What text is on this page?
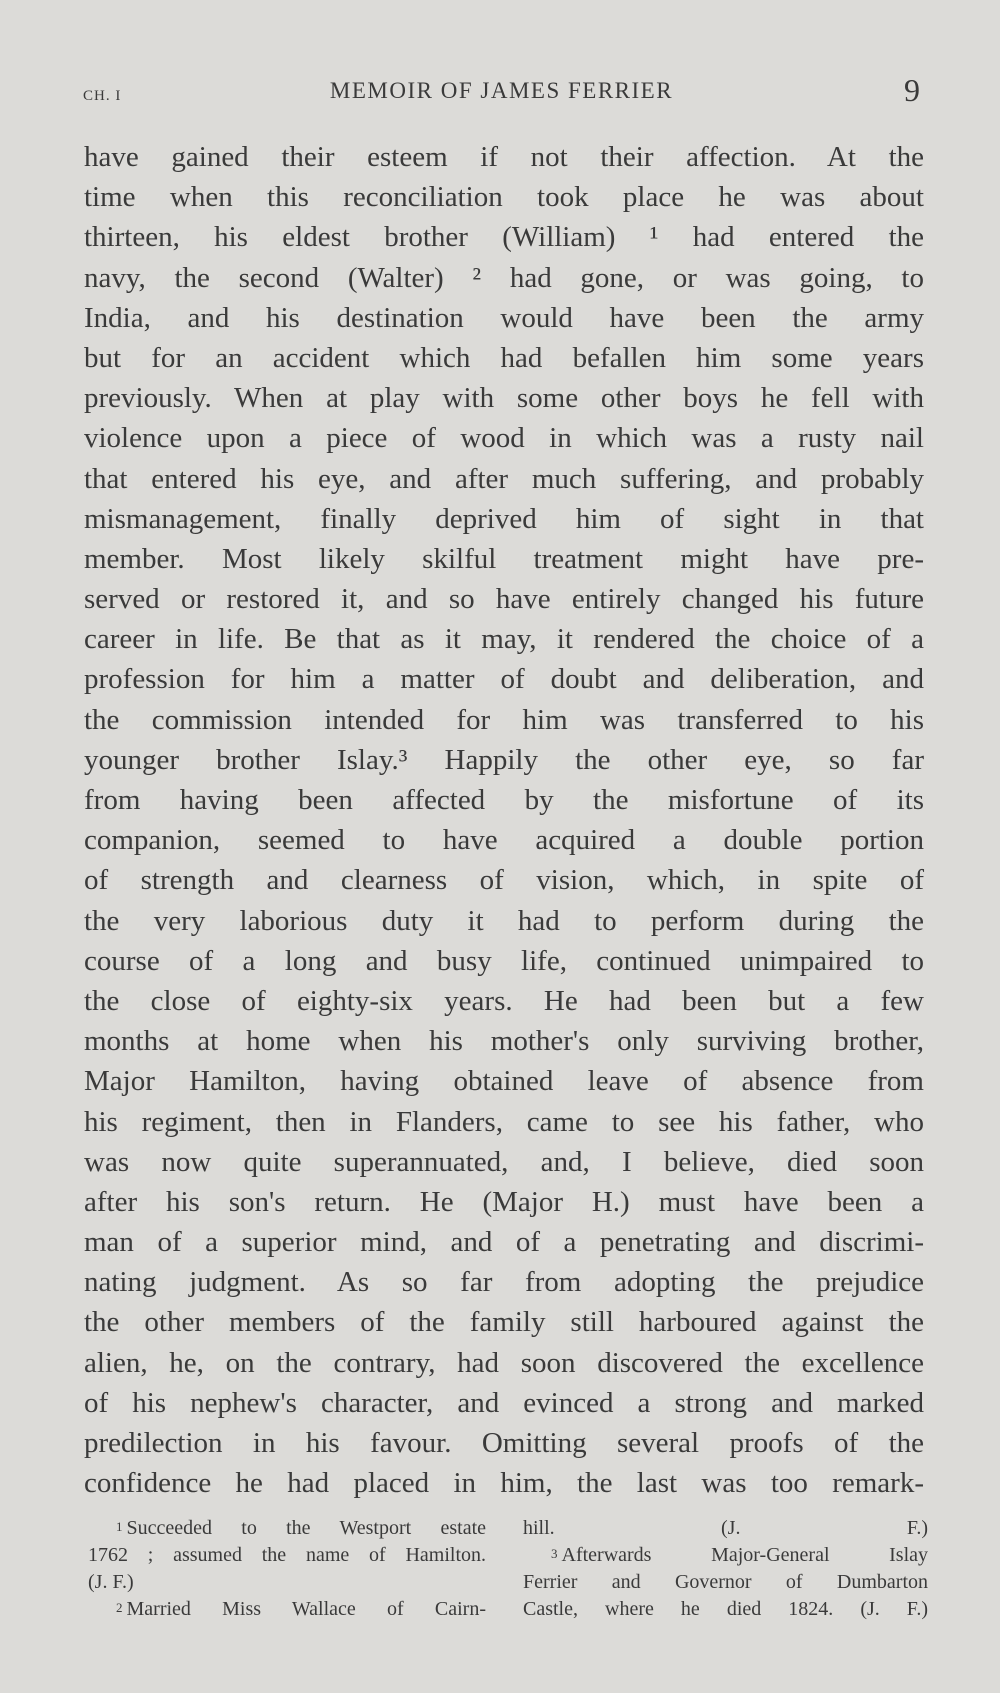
CH. I	MEMOIR OF JAMES FERRIER	9
have gained their esteem if not their affection. At the
time when this reconciliation took place he was about
thirteen, his eldest brother (William) ¹ had entered the
navy, the second (Walter) ² had gone, or was going, to
India, and his destination would have been the army
but for an accident which had befallen him some years
previously. When at play with some other boys he fell with
violence upon a piece of wood in which was a rusty nail
that entered his eye, and after much suffering, and probably
mismanagement, finally deprived him of sight in that
member. Most likely skilful treatment might have pre-
served or restored it, and so have entirely changed his future
career in life. Be that as it may, it rendered the choice of a
profession for him a matter of doubt and deliberation, and
the commission intended for him was transferred to his
younger brother Islay.³ Happily the other eye, so far
from having been affected by the misfortune of its
companion, seemed to have acquired a double portion
of strength and clearness of vision, which, in spite of
the very laborious duty it had to perform during the
course of a long and busy life, continued unimpaired to
the close of eighty-six years. He had been but a few
months at home when his mother's only surviving brother,
Major Hamilton, having obtained leave of absence from
his regiment, then in Flanders, came to see his father, who
was now quite superannuated, and, I believe, died soon
after his son's return. He (Major H.) must have been a
man of a superior mind, and of a penetrating and discrimi-
nating judgment. As so far from adopting the prejudice
the other members of the family still harboured against the
alien, he, on the contrary, had soon discovered the excellence
of his nephew's character, and evinced a strong and marked
predilection in his favour. Omitting several proofs of the
confidence he had placed in him, the last was too remark-
$^1$ Succeeded to the Westport estate
1762 ; assumed the name of Hamilton.
(J. F.)
$^2$ Married Miss Wallace of Cairn-
hill. (J. F.)
$^3$ Afterwards Major-General Islay
Ferrier and Governor of Dumbarton
Castle, where he died 1824. (J. F.)
